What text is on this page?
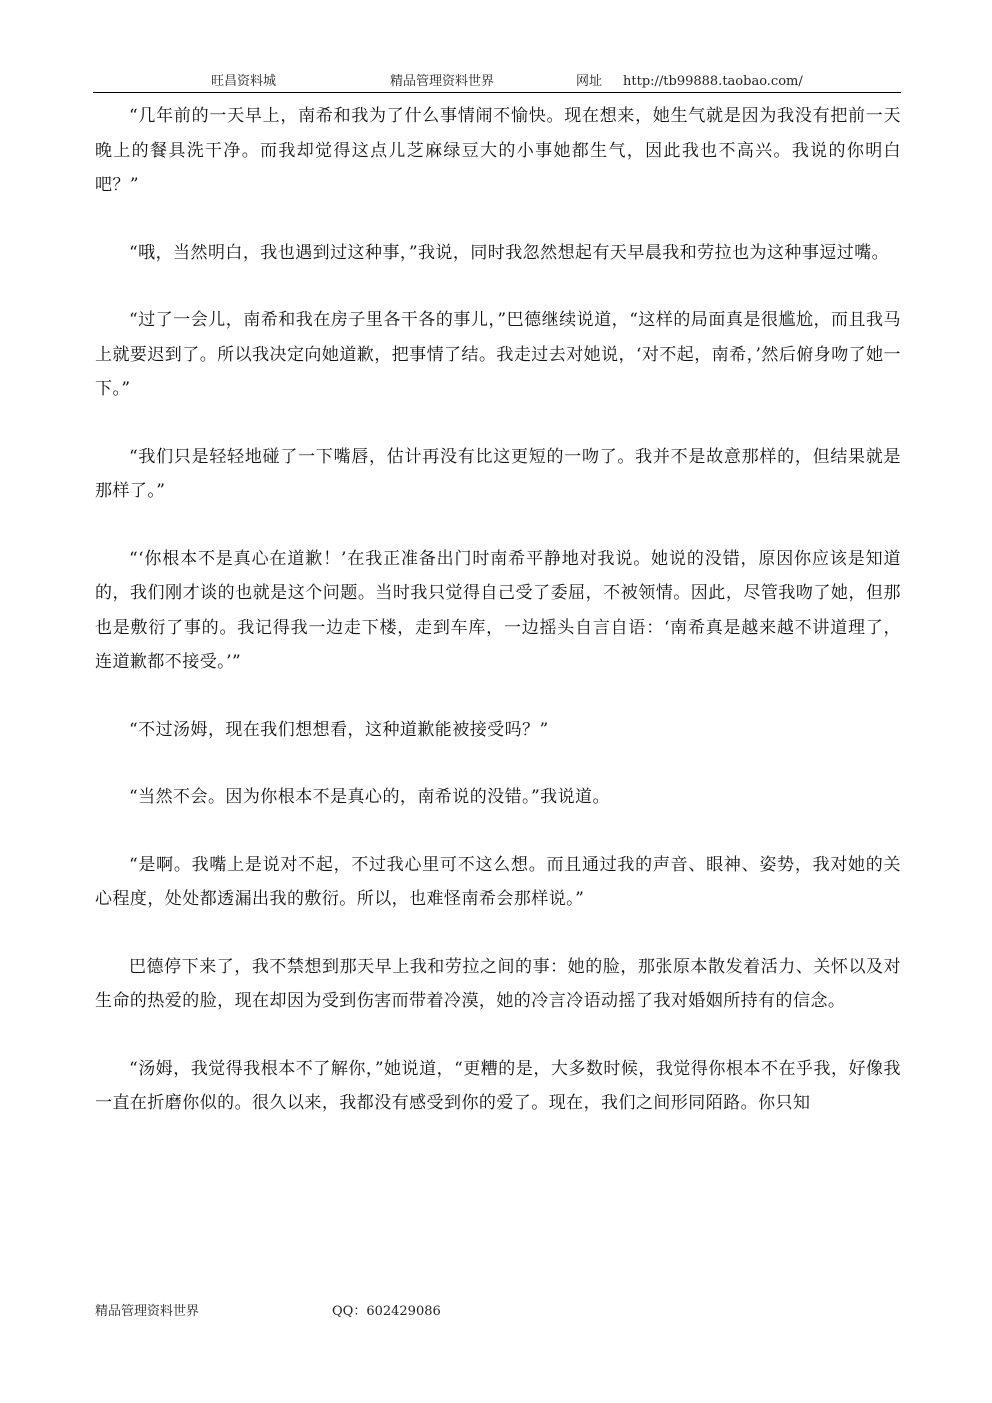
旺昌资料城	精品管理资料世界	网址 http://tb99888.taobao.com/

“几年前的一天早上，南希和我为了什么事情闹不愉快。现在想来，她生气就是因为我没有把前一天晚上的餐具洗干净。而我却觉得这点儿芝麻绿豆大的小事她都生气，因此我也不高兴。我说的你明白吧？”

“哦，当然明白，我也遇到过这种事，”我说，同时我忽然想起有天早晨我和劳拉也为这种事逗过嘴。

“过了一会儿，南希和我在房子里各干各的事儿，”巴德继续说道，“这样的局面真是很尴尬，而且我马上就要迟到了。所以我决定向她道歉，把事情了结。我走过去对她说，‘对不起，南希，’然后俯身吻了她一下。”

“我们只是轻轻地碰了一下嘴唇，估计再没有比这更短的一吻了。我并不是故意那样的，但结果就是那样了。”

“‘你根本不是真心在道歉！’在我正准备出门时南希平静地对我说。她说的没错，原因你应该是知道的，我们刚才谈的也就是这个问题。当时我只觉得自己受了委屈，不被领情。因此，尽管我吻了她，但那也是敷衍了事的。我记得我一边走下楼，走到车库，一边摇头自言自语：‘南希真是越来越不讲道理了，连道歉都不接受。’”

“不过汤姆，现在我们想想看，这种道歉能被接受吗？”

“当然不会。因为你根本不是真心的，南希说的没错。”我说道。

“是啊。我嘴上是说对不起，不过我心里可不这么想。而且通过我的声音、眼神、姿势，我对她的关心程度，处处都透漏出我的敷衍。所以，也难怪南希会那样说。”

巴德停下来了，我不禁想到那天早上我和劳拉之间的事：她的脸，那张原本散发着活力、关怀以及对生命的热爱的脸，现在却因为受到伤害而带着冷漠，她的冷言冷语动摇了我对婚姻所持有的信念。

“汤姆，我觉得我根本不了解你，”她说道，“更糟的是，大多数时候，我觉得你根本不在乎我，好像我一直在折磨你似的。很久以来，我都没有感受到你的爱了。现在，我们之间形同陌路。你只知

精品管理资料世界	QQ：602429086
